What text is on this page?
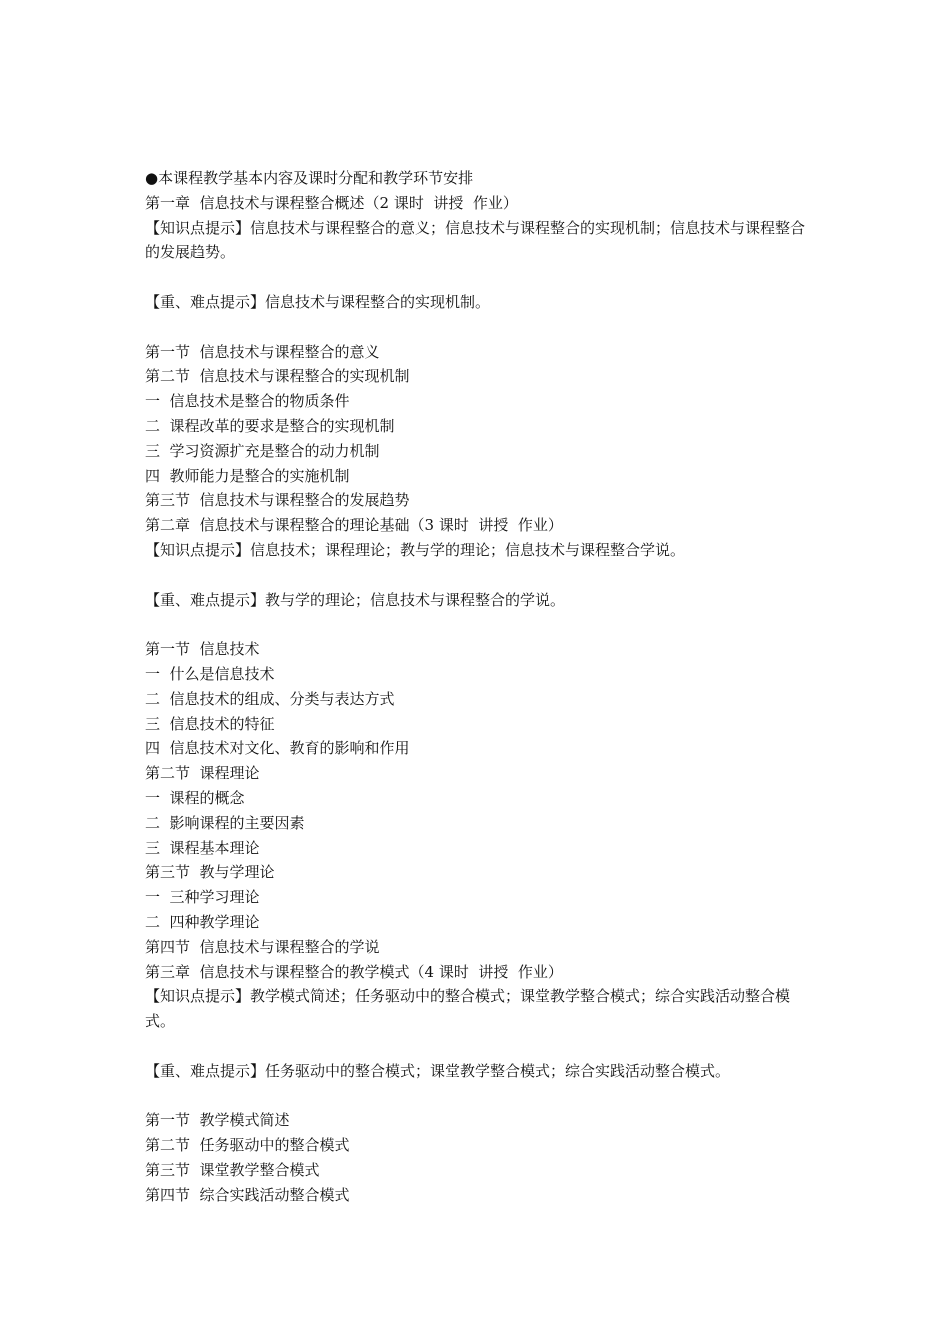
●本课程教学基本内容及课时分配和教学环节安排
第一章  信息技术与课程整合概述（2 课时  讲授  作业）
【知识点提示】信息技术与课程整合的意义；信息技术与课程整合的实现机制；信息技术与课程整合的发展趋势。
【重、难点提示】信息技术与课程整合的实现机制。
第一节  信息技术与课程整合的意义
第二节  信息技术与课程整合的实现机制
一  信息技术是整合的物质条件
二  课程改革的要求是整合的实现机制
三  学习资源扩充是整合的动力机制
四  教师能力是整合的实施机制
第三节  信息技术与课程整合的发展趋势
第二章  信息技术与课程整合的理论基础（3 课时  讲授  作业）
【知识点提示】信息技术；课程理论；教与学的理论；信息技术与课程整合学说。
【重、难点提示】教与学的理论；信息技术与课程整合的学说。
第一节  信息技术
一  什么是信息技术
二  信息技术的组成、分类与表达方式
三  信息技术的特征
四  信息技术对文化、教育的影响和作用
第二节  课程理论
一  课程的概念
二  影响课程的主要因素
三  课程基本理论
第三节  教与学理论
一  三种学习理论
二  四种教学理论
第四节  信息技术与课程整合的学说
第三章  信息技术与课程整合的教学模式（4 课时  讲授  作业）
【知识点提示】教学模式简述；任务驱动中的整合模式；课堂教学整合模式；综合实践活动整合模式。
【重、难点提示】任务驱动中的整合模式；课堂教学整合模式；综合实践活动整合模式。
第一节  教学模式简述
第二节  任务驱动中的整合模式
第三节  课堂教学整合模式
第四节  综合实践活动整合模式
